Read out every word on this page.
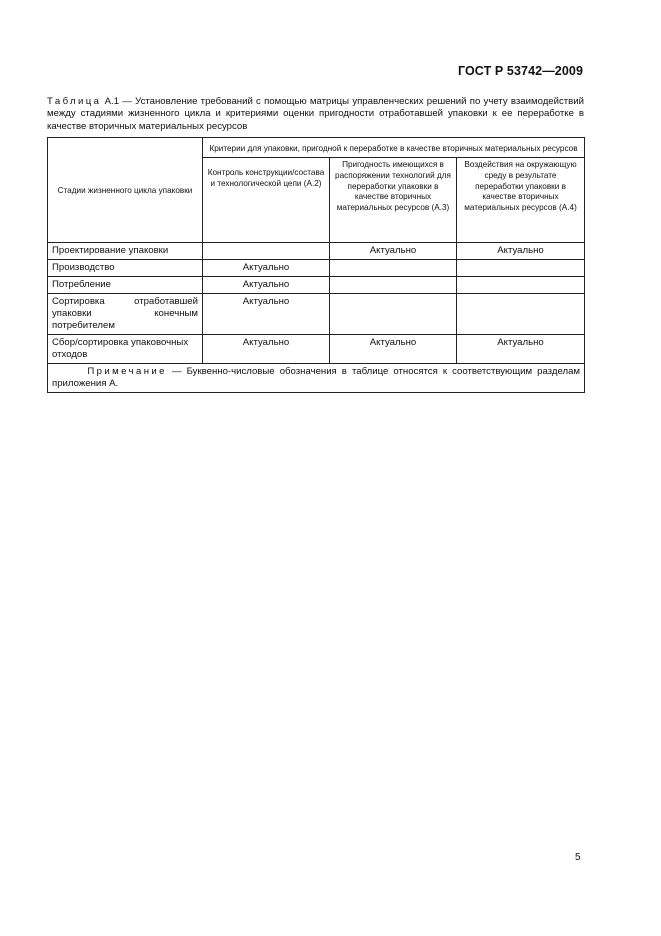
ГОСТ Р 53742—2009
Таблица А.1 — Установление требований с помощью матрицы управленческих решений по учету взаимодействий между стадиями жизненного цикла и критериями оценки пригодности отработавшей упаковки к ее переработке в качестве вторичных материальных ресурсов
Стадии жизненного цикла упаковки	Критерии для упаковки, пригодной к переработке в качестве вторичных материальных ресурсов		
	Контроль конструкции/состава и технологической цепи (А.2)	Пригодность имеющихся в распоряжении технологий для переработки упаковки в качестве вторичных материальных ресурсов (А.3)	Воздействия на окружающую среду в результате переработки упаковки в качестве вторичных материальных ресурсов (А.4)
Проектирование упаковки		Актуально	Актуально
Производство	Актуально		
Потребление	Актуально		
Сортировка отработавшей упаковки конечным потребителем	Актуально		
Сбор/сортировка упаковочных отходов	Актуально	Актуально	Актуально
Примечание — Буквенно-числовые обозначения в таблице относятся к соответствующим разделам приложения А.			
5
